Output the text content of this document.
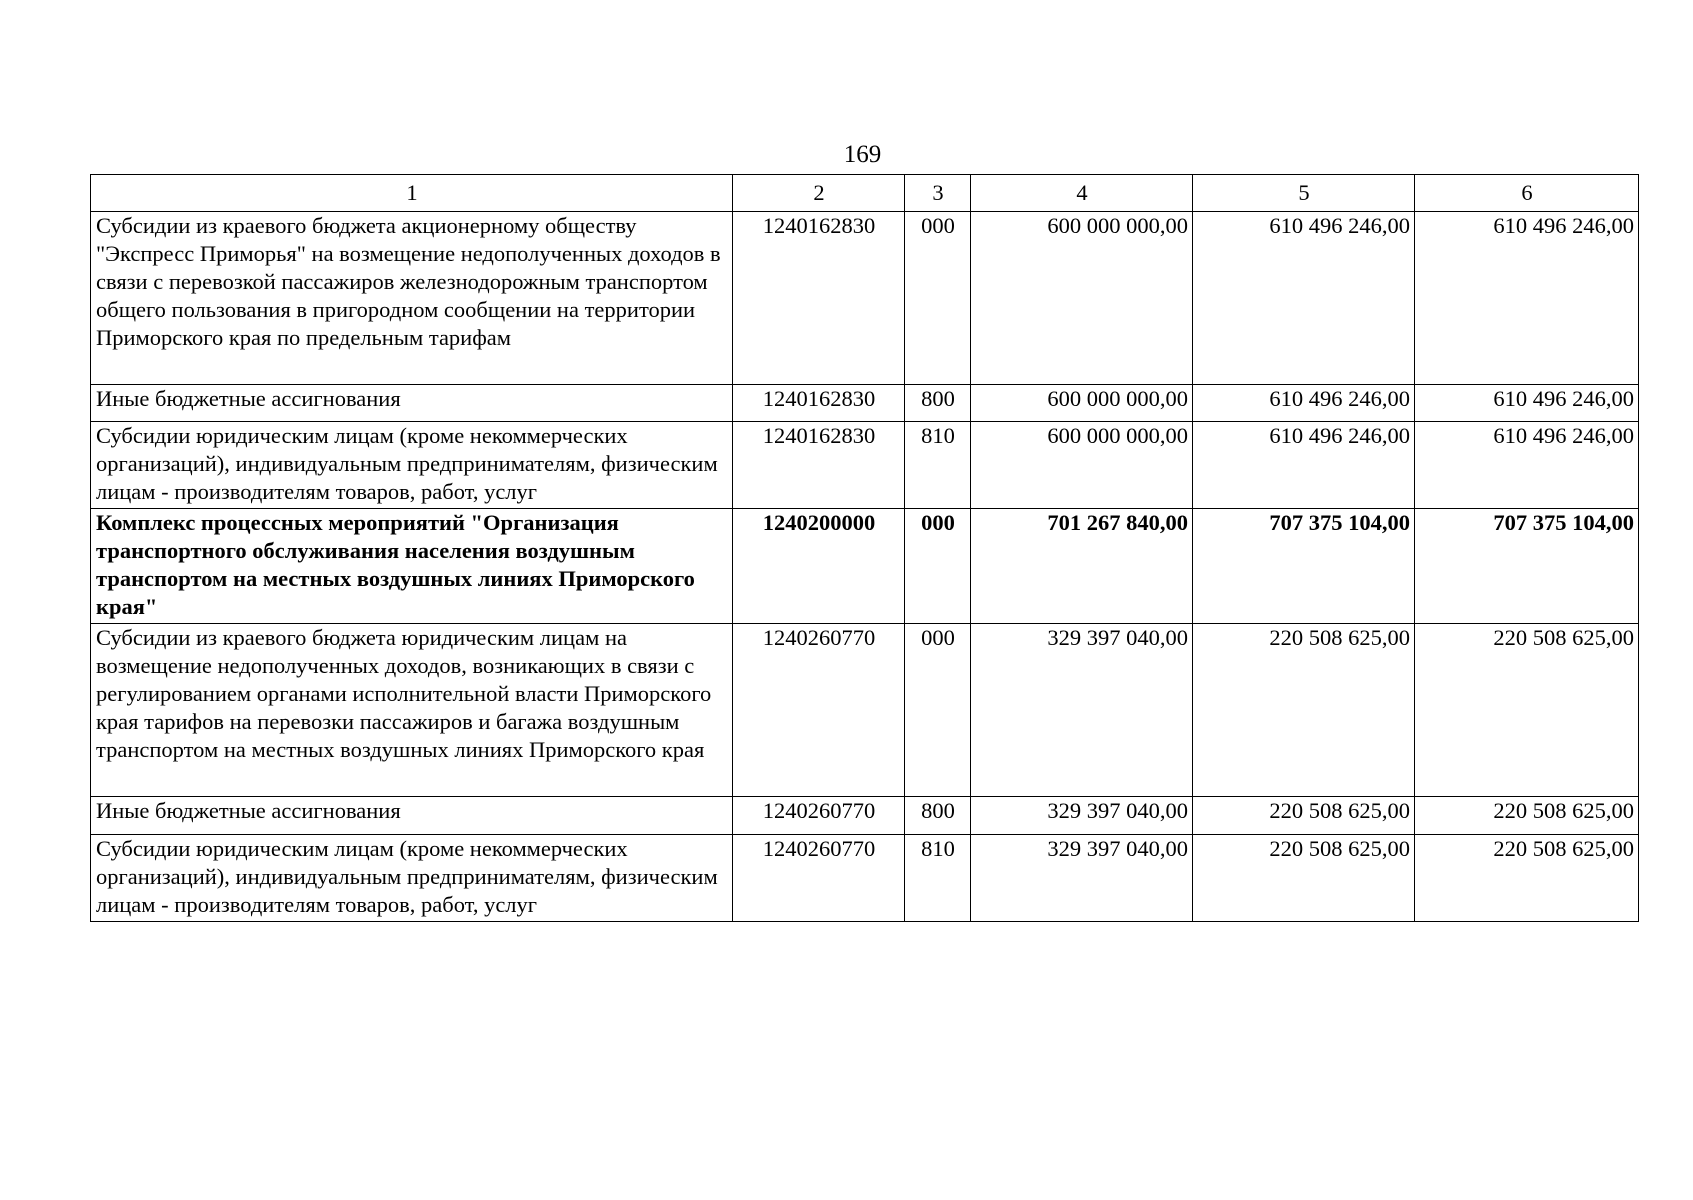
169
1	2	3	4	5	6
Субсидии из краевого бюджета акционерному обществу "Экспресс Приморья" на возмещение недополученных доходов в связи с перевозкой пассажиров железнодорожным транспортом общего пользования в пригородном сообщении на территории Приморского края по предельным тарифам	1240162830	000	600 000 000,00	610 496 246,00	610 496 246,00
Иные бюджетные ассигнования	1240162830	800	600 000 000,00	610 496 246,00	610 496 246,00
Субсидии юридическим лицам (кроме некоммерческих организаций), индивидуальным предпринимателям, физическим лицам - производителям товаров, работ, услуг	1240162830	810	600 000 000,00	610 496 246,00	610 496 246,00
Комплекс процессных мероприятий "Организация транспортного обслуживания населения воздушным транспортом на местных воздушных линиях Приморского края"	1240200000	000	701 267 840,00	707 375 104,00	707 375 104,00
Субсидии из краевого бюджета юридическим лицам на возмещение недополученных доходов, возникающих в связи с регулированием органами исполнительной власти Приморского края тарифов на перевозки пассажиров и багажа воздушным транспортом на местных воздушных линиях Приморского края	1240260770	000	329 397 040,00	220 508 625,00	220 508 625,00
Иные бюджетные ассигнования	1240260770	800	329 397 040,00	220 508 625,00	220 508 625,00
Субсидии юридическим лицам (кроме некоммерческих организаций), индивидуальным предпринимателям, физическим лицам - производителям товаров, работ, услуг	1240260770	810	329 397 040,00	220 508 625,00	220 508 625,00
